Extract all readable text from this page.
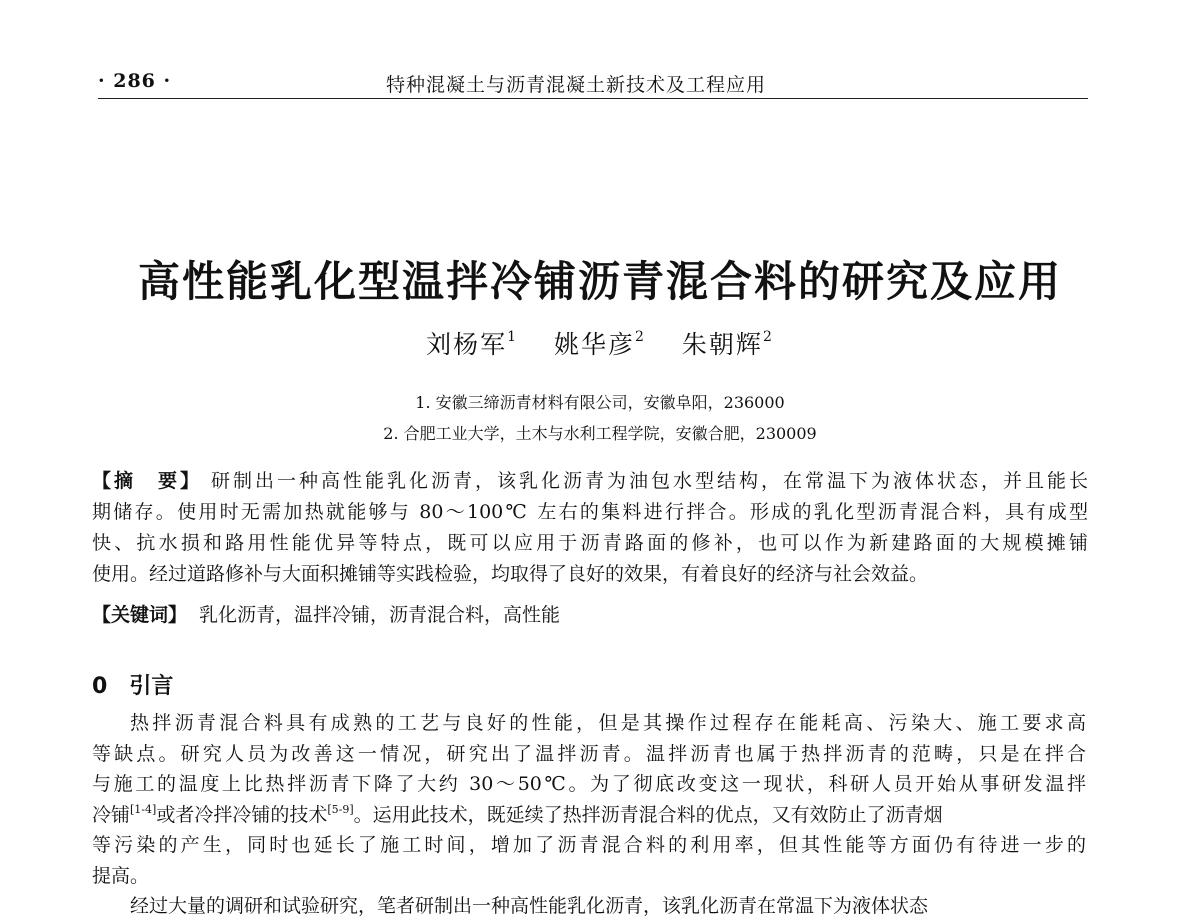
· 286 ·	特种混凝土与沥青混凝土新技术及工程应用
高性能乳化型温拌冷铺沥青混合料的研究及应用
刘杨军$^1$ 姚华彦$^2$ 朱朝辉$^2$
1. 安徽三缔沥青材料有限公司，安徽阜阳，236000
2. 合肥工业大学，土木与水利工程学院，安徽合肥，230009
【摘　要】 研制出一种高性能乳化沥青，该乳化沥青为油包水型结构，在常温下为液体状态，并且能长
期储存。使用时无需加热就能够与 80～100℃ 左右的集料进行拌合。形成的乳化型沥青混合料，具有成型
快、抗水损和路用性能优异等特点，既可以应用于沥青路面的修补，也可以作为新建路面的大规模摊铺
使用。经过道路修补与大面积摊铺等实践检验，均取得了良好的效果，有着良好的经济与社会效益。
【关键词】 乳化沥青，温拌冷铺，沥青混合料，高性能
0 引言
热拌沥青混合料具有成熟的工艺与良好的性能，但是其操作过程存在能耗高、污染大、施工要求高
等缺点。研究人员为改善这一情况，研究出了温拌沥青。温拌沥青也属于热拌沥青的范畴，只是在拌合
与施工的温度上比热拌沥青下降了大约 30～50℃。为了彻底改变这一现状，科研人员开始从事研发温拌
冷铺[1-4]或者冷拌冷铺的技术[5-9]。运用此技术，既延续了热拌沥青混合料的优点，又有效防止了沥青烟
等污染的产生，同时也延长了施工时间，增加了沥青混合料的利用率，但其性能等方面仍有待进一步的
提高。
经过大量的调研和试验研究，笔者研制出一种高性能乳化沥青，该乳化沥青在常温下为液体状态
